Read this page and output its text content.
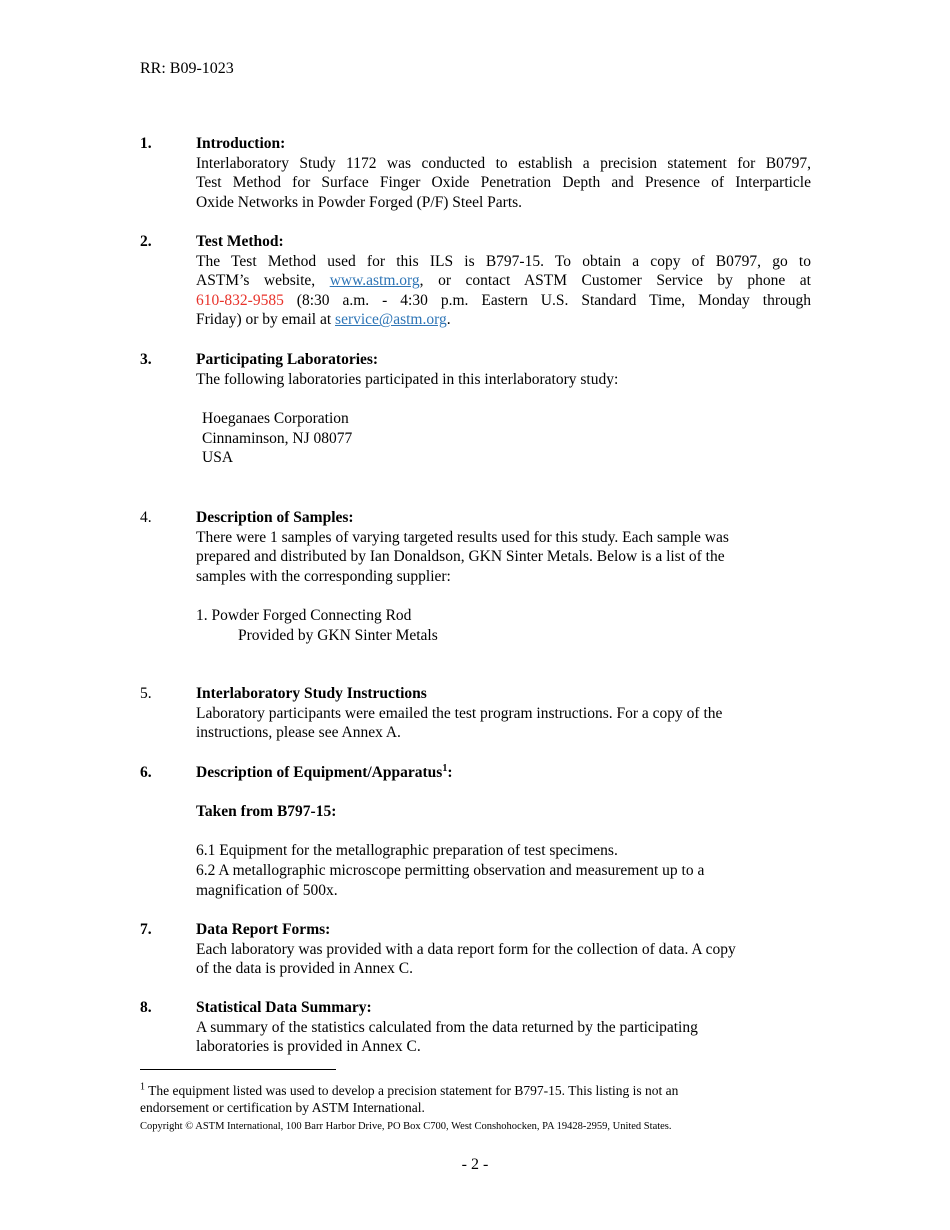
RR: B09-1023
1.	Introduction:
Interlaboratory Study 1172 was conducted to establish a precision statement for B0797,
Test Method for Surface Finger Oxide Penetration Depth and Presence of Interparticle
Oxide Networks in Powder Forged (P/F) Steel Parts.
2.	Test Method:
The Test Method used for this ILS is B797-15. To obtain a copy of B0797, go to
ASTM’s website, www.astm.org, or contact ASTM Customer Service by phone at
610-832-9585 (8:30 a.m. - 4:30 p.m. Eastern U.S. Standard Time, Monday through
Friday) or by email at service@astm.org.
3.	Participating Laboratories:
The following laboratories participated in this interlaboratory study:
Hoeganaes Corporation
Cinnaminson, NJ 08077
USA
4.	Description of Samples:
There were 1 samples of varying targeted results used for this study. Each sample was
prepared and distributed by Ian Donaldson, GKN Sinter Metals. Below is a list of the
samples with the corresponding supplier:
1. Powder Forged Connecting Rod
Provided by GKN Sinter Metals
5.	Interlaboratory Study Instructions
Laboratory participants were emailed the test program instructions. For a copy of the
instructions, please see Annex A.
6.	Description of Equipment/Apparatus$^1$:
Taken from B797-15:
6.1 Equipment for the metallographic preparation of test specimens.
6.2 A metallographic microscope permitting observation and measurement up to a
magnification of 500x.
7.	Data Report Forms:
Each laboratory was provided with a data report form for the collection of data. A copy
of the data is provided in Annex C.
8.	Statistical Data Summary:
A summary of the statistics calculated from the data returned by the participating
laboratories is provided in Annex C.
$^1$ The equipment listed was used to develop a precision statement for B797-15. This listing is not an
endorsement or certification by ASTM International.
Copyright © ASTM International, 100 Barr Harbor Drive, PO Box C700, West Conshohocken, PA 19428-2959, United States.
- 2 -
